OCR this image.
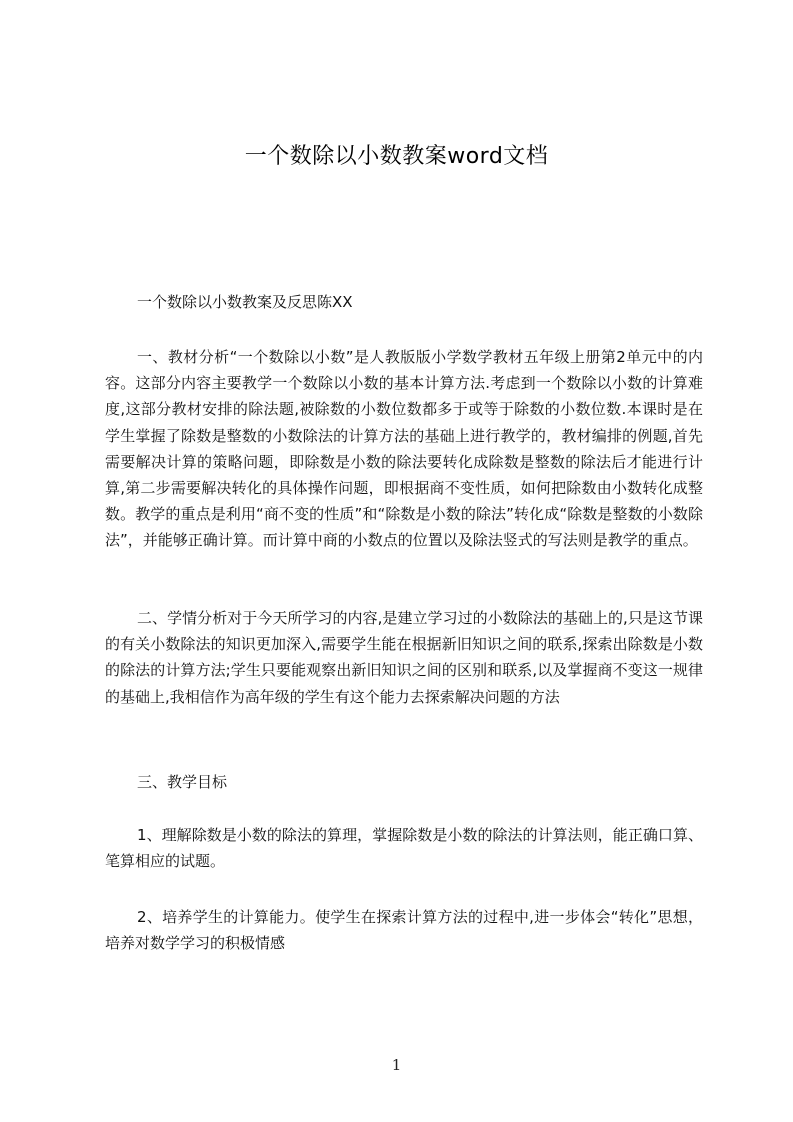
一个数除以小数教案word文档
一个数除以小数教案及反思陈XX

一、教材分析“一个数除以小数”是人教版版小学数学教材五年级上册第2单元中的内容。这部分内容主要教学一个数除以小数的基本计算方法.考虑到一个数除以小数的计算难度,这部分教材安排的除法题,被除数的小数位数都多于或等于除数的小数位数.本课时是在学生掌握了除数是整数的小数除法的计算方法的基础上进行教学的，教材编排的例题,首先需要解决计算的策略问题，即除数是小数的除法要转化成除数是整数的除法后才能进行计算,第二步需要解决转化的具体操作问题，即根据商不变性质，如何把除数由小数转化成整数。教学的重点是利用“商不变的性质”和“除数是小数的除法”转化成“除数是整数的小数除法”，并能够正确计算。而计算中商的小数点的位置以及除法竖式的写法则是教学的重点。

二、学情分析对于今天所学习的内容,是建立学习过的小数除法的基础上的,只是这节课的有关小数除法的知识更加深入,需要学生能在根据新旧知识之间的联系,探索出除数是小数的除法的计算方法;学生只要能观察出新旧知识之间的区别和联系,以及掌握商不变这一规律的基础上,我相信作为高年级的学生有这个能力去探索解决问题的方法

三、教学目标

1、理解除数是小数的除法的算理，掌握除数是小数的除法的计算法则，能正确口算、笔算相应的试题。

2、培养学生的计算能力。使学生在探索计算方法的过程中,进一步体会“转化”思想，培养对数学学习的积极情感

1
